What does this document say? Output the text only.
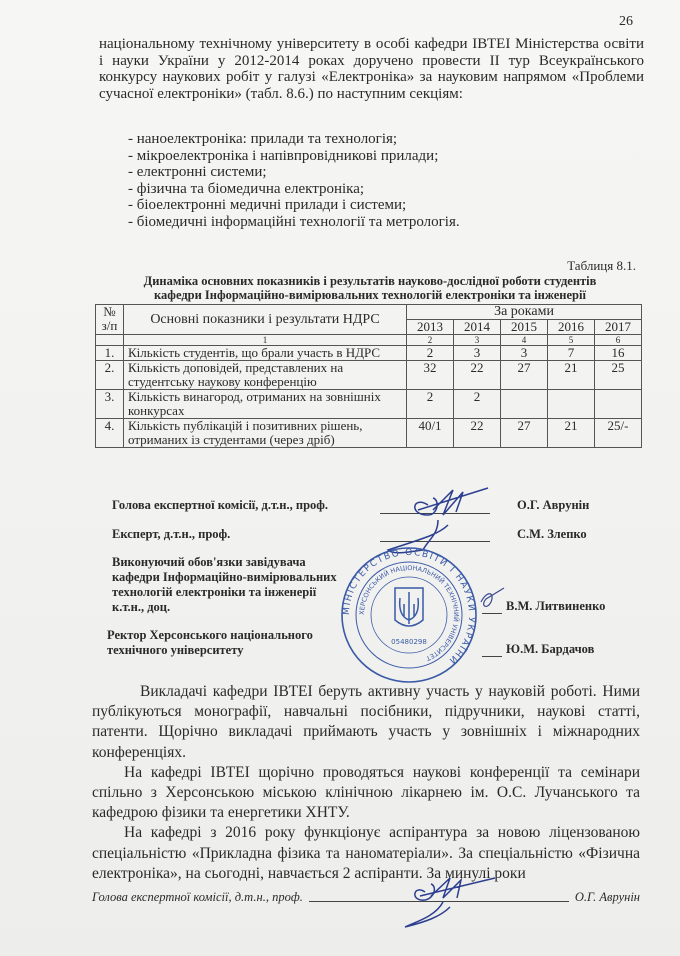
26

національному технічному університету в особі кафедри ІВТЕІ Міністерства освіти і науки України у 2012-2014 роках доручено провести ІІ тур Всеукраїнського конкурсу наукових робіт у галузі «Електроніка» за науковим напрямом «Проблеми сучасної електроніки» (табл. 8.6.) по наступним секціям:

- наноелектроніка: прилади та технологія;
- мікроелектроніка і напівпровідникові прилади;
- електронні системи;
- фізична та біомедична електроніка;
- біоелектронні медичні прилади і системи;
- біомедичні інформаційні технології та метрологія.
Таблиця 8.1.
Динаміка основних показників і результатів науково-дослідної роботи студентів
кафедри Інформаційно-вимірювальних технологій електроніки та інженерії
№ з/п	Основні показники і результати НДРС	За роками				
		2013	2014	2015	2016	2017
	1	2	3	4	5	6
1.	Кількість студентів, що брали участь в НДРС	2	3	3	7	16
2.	Кількість доповідей, представлених на студентську наукову конференцію	32	22	27	21	25
3.	Кількість винагород, отриманих на зовнішніх конкурсах	2	2			
4.	Кількість публікацій і позитивних рішень, отриманих із студентами (через дріб)	40/1	22	27	21	25/-
Голова експертної комісії, д.т.н., проф.	О.Г. Аврунін
Експерт, д.т.н., проф.	С.М. Злепко
Виконуючий обов'язки завідувача
кафедри Інформаційно-вимірювальних
технологій електроніки та інженерії
к.т.н., доц.	В.М. Литвиненко
Ректор Херсонського національного
технічного університету	Ю.М. Бардачов
МІНІСТЕРСТВО ОСВІТИ І НАУКИ УКРАЇНИ
ХЕРСОНСЬКИЙ НАЦІОНАЛЬНИЙ ТЕХНІЧНИЙ УНІВЕРСИТЕТ
05480298

Викладачі кафедри ІВТЕІ беруть активну участь у науковій роботі. Ними публікуються монографії, навчальні посібники, підручники, наукові статті, патенти. Щорічно викладачі приймають участь у зовнішніх і міжнародних конференціях.

На кафедрі ІВТЕІ щорічно проводяться наукові конференції та семінари спільно з Херсонською міською клінічною лікарнею ім. О.С. Лучанського та кафедрою фізики та енергетики ХНТУ.

На кафедрі з 2016 року функціонує аспірантура за новою ліцензованою спеціальністю «Прикладна фізика та наноматеріали». За спеціальністю «Фізична електроніка», на сьогодні, навчається 2 аспіранти. За минулі роки

Голова експертної комісії, д.т.н., проф.	О.Г. Аврунін
